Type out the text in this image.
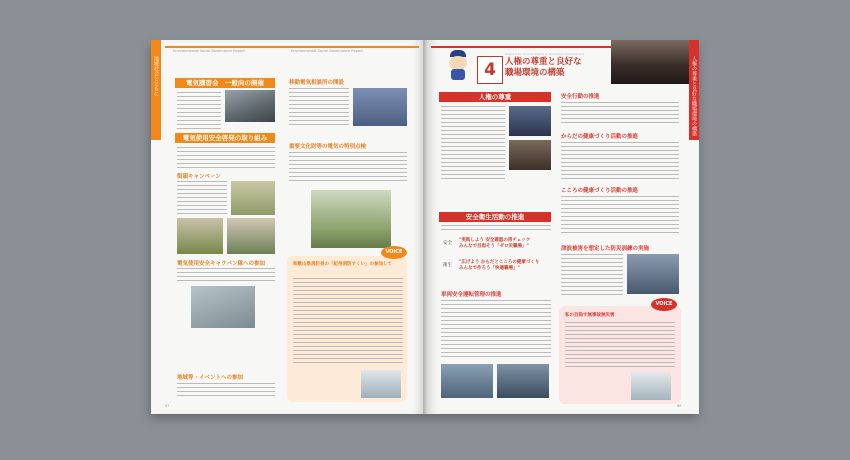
Environmental Social Governance Report	Environmental Social Governance Report
地域社会とともに	電気講習会　一般向の開催
電気使用安全啓発の取り組み
街頭キャンペーン
電気使用安全キャラバン隊への参加
地域等・イベントへの参加
移動電気相談所の開設
重要文化財等の電気の特別点検
VOICE
和歌山県消防長の「紀州消防すくい」の参加して
67
人権の尊重と良好な職場環境の構築
Respect for Human Rights & Workplace Environment
4	人権の尊重と良好な
職場環境の構築
人権の尊重
安全衛生活動の推進
安全
"実践しよう 安全確認の再チェック
みんなで目指そう「ゼロ災職場」"
衛生
"広げよう からだとこころの健康づくり
みんなで作ろう「快適職場」"
車両安全運転管理の推進
安全行動の推進
からだの健康づくり活動の推進
こころの健康づくり活動の推進
津波被害を想定した防災訓練の実施
VOICE
私の目指す無事故無災害
68
